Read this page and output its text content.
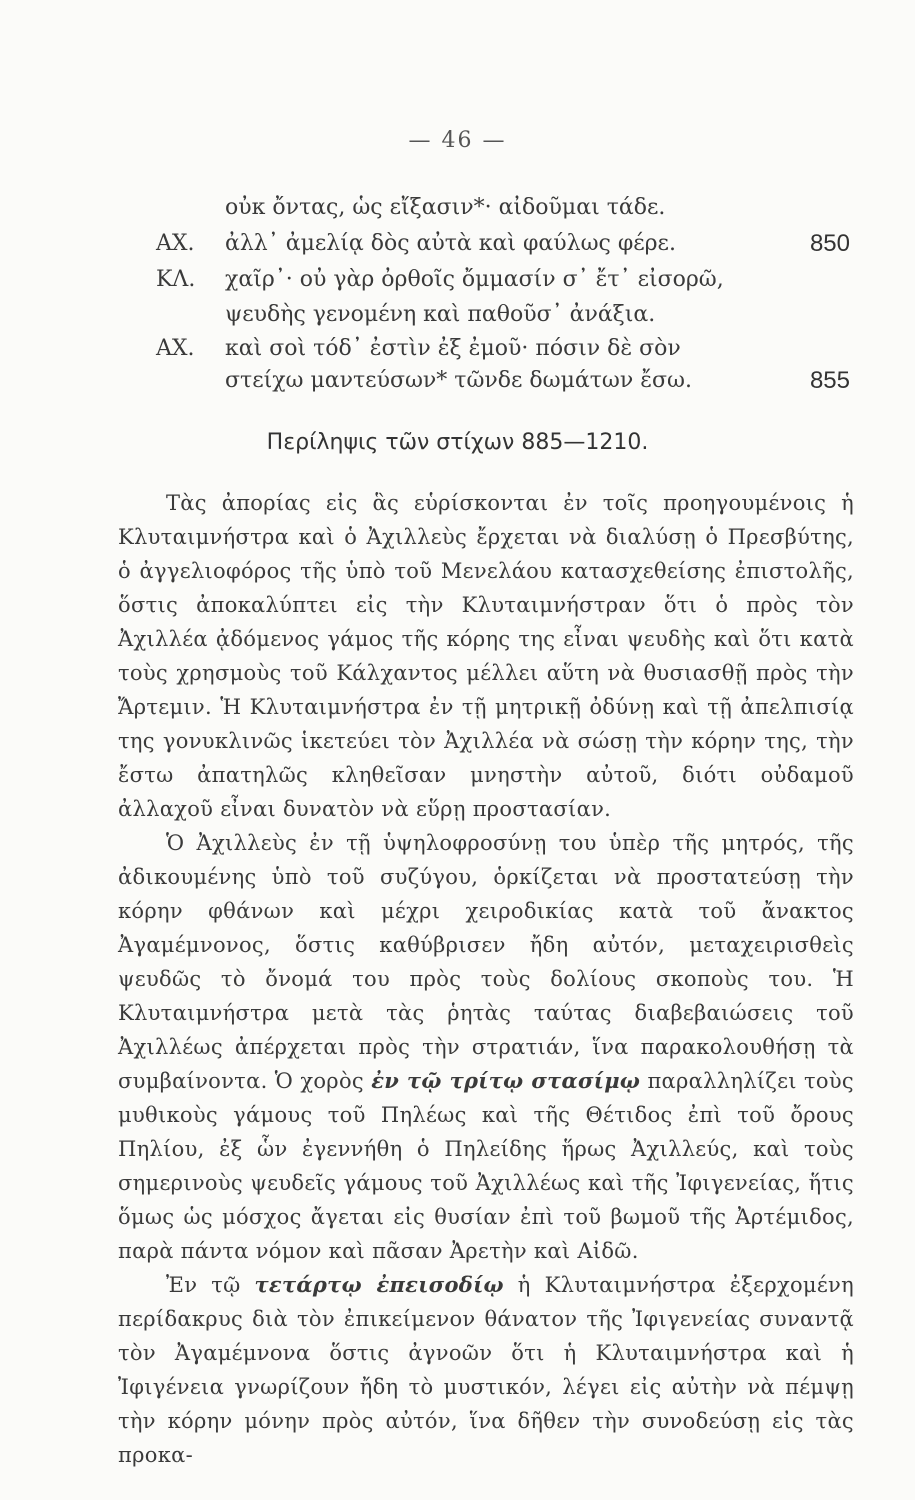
— 46 —
οὐκ ὄντας, ὡς εἴξασιν*· αἰδοῦμαι τάδε.
ΑΧ.	ἀλλ᾽ ἀμελίᾳ δὸς αὐτὰ καὶ φαύλως φέρε.	850
ΚΛ.	χαῖρ᾽· οὐ γὰρ ὀρθοῖς ὄμμασίν σ᾽ ἔτ᾽ εἰσορῶ,
ψευδὴς γενομένη καὶ παθοῦσ᾽ ἀνάξια.
ΑΧ.	καὶ σοὶ τόδ᾽ ἐστὶν ἐξ ἐμοῦ· πόσιν δὲ σὸν
στείχω μαντεύσων* τῶνδε δωμάτων ἔσω.	855
Περίληψις τῶν στίχων 885—1210.

Τὰς ἀπορίας εἰς ἃς εὑρίσκονται ἐν τοῖς προηγουμένοις ἡ Κλυταιμνήστρα καὶ ὁ Ἀχιλλεὺς ἔρχεται νὰ διαλύσῃ ὁ Πρεσβύτης, ὁ ἀγγελιοφόρος τῆς ὑπὸ τοῦ Μενελάου κατασχεθείσης ἐπιστολῆς, ὅστις ἀποκαλύπτει εἰς τὴν Κλυταιμνήστραν ὅτι ὁ πρὸς τὸν Ἀχιλλέα ᾀδόμενος γάμος τῆς κόρης της εἶναι ψευδὴς καὶ ὅτι κατὰ τοὺς χρησμοὺς τοῦ Κάλχαντος μέλλει αὕτη νὰ θυσιασθῇ πρὸς τὴν Ἄρτεμιν. Ἡ Κλυταιμνήστρα ἐν τῇ μητρικῇ ὀδύνῃ καὶ τῇ ἀπελπισίᾳ της γονυκλινῶς ἱκετεύει τὸν Ἀχιλλέα νὰ σώσῃ τὴν κόρην της, τὴν ἔστω ἀπατηλῶς κληθεῖσαν μνηστὴν αὐτοῦ, διότι οὐδαμοῦ ἀλλαχοῦ εἶναι δυνατὸν νὰ εὕρῃ προστασίαν.

Ὁ Ἀχιλλεὺς ἐν τῇ ὑψηλοφροσύνῃ του ὑπὲρ τῆς μητρός, τῆς ἀδικουμένης ὑπὸ τοῦ συζύγου, ὁρκίζεται νὰ προστατεύσῃ τὴν κόρην φθάνων καὶ μέχρι χειροδικίας κατὰ τοῦ ἄνακτος Ἀγαμέμνονος, ὅστις καθύβρισεν ἤδη αὐτόν, μεταχειρισθεὶς ψευδῶς τὸ ὄνομά του πρὸς τοὺς δολίους σκοποὺς του. Ἡ Κλυταιμνήστρα μετὰ τὰς ῥητὰς ταύτας διαβεβαιώσεις τοῦ Ἀχιλλέως ἀπέρχεται πρὸς τὴν στρατιάν, ἵνα παρακολουθήσῃ τὰ συμβαίνοντα. Ὁ χορὸς ἐν τῷ τρίτῳ στασίμῳ παραλληλίζει τοὺς μυθικοὺς γάμους τοῦ Πηλέως καὶ τῆς Θέτιδος ἐπὶ τοῦ ὄρους Πηλίου, ἐξ ὧν ἐγεννήθη ὁ Πηλείδης ἥρως Ἀχιλλεύς, καὶ τοὺς σημερινοὺς ψευδεῖς γάμους τοῦ Ἀχιλλέως καὶ τῆς Ἰφιγενείας, ἥτις ὅμως ὡς μόσχος ἄγεται εἰς θυσίαν ἐπὶ τοῦ βωμοῦ τῆς Ἀρτέμιδος, παρὰ πάντα νόμον καὶ πᾶσαν Ἀρετὴν καὶ Αἰδῶ.

Ἐν τῷ τετάρτῳ ἐπεισοδίῳ ἡ Κλυταιμνήστρα ἐξερχομένη περίδακρυς διὰ τὸν ἐπικείμενον θάνατον τῆς Ἰφιγενείας συναντᾷ τὸν Ἀγαμέμνονα ὅστις ἀγνοῶν ὅτι ἡ Κλυταιμνήστρα καὶ ἡ Ἰφιγένεια γνωρίζουν ἤδη τὸ μυστικόν, λέγει εἰς αὐτὴν νὰ πέμψῃ τὴν κόρην μόνην πρὸς αὐτόν, ἵνα δῆθεν τὴν συνοδεύσῃ εἰς τὰς προκα-
